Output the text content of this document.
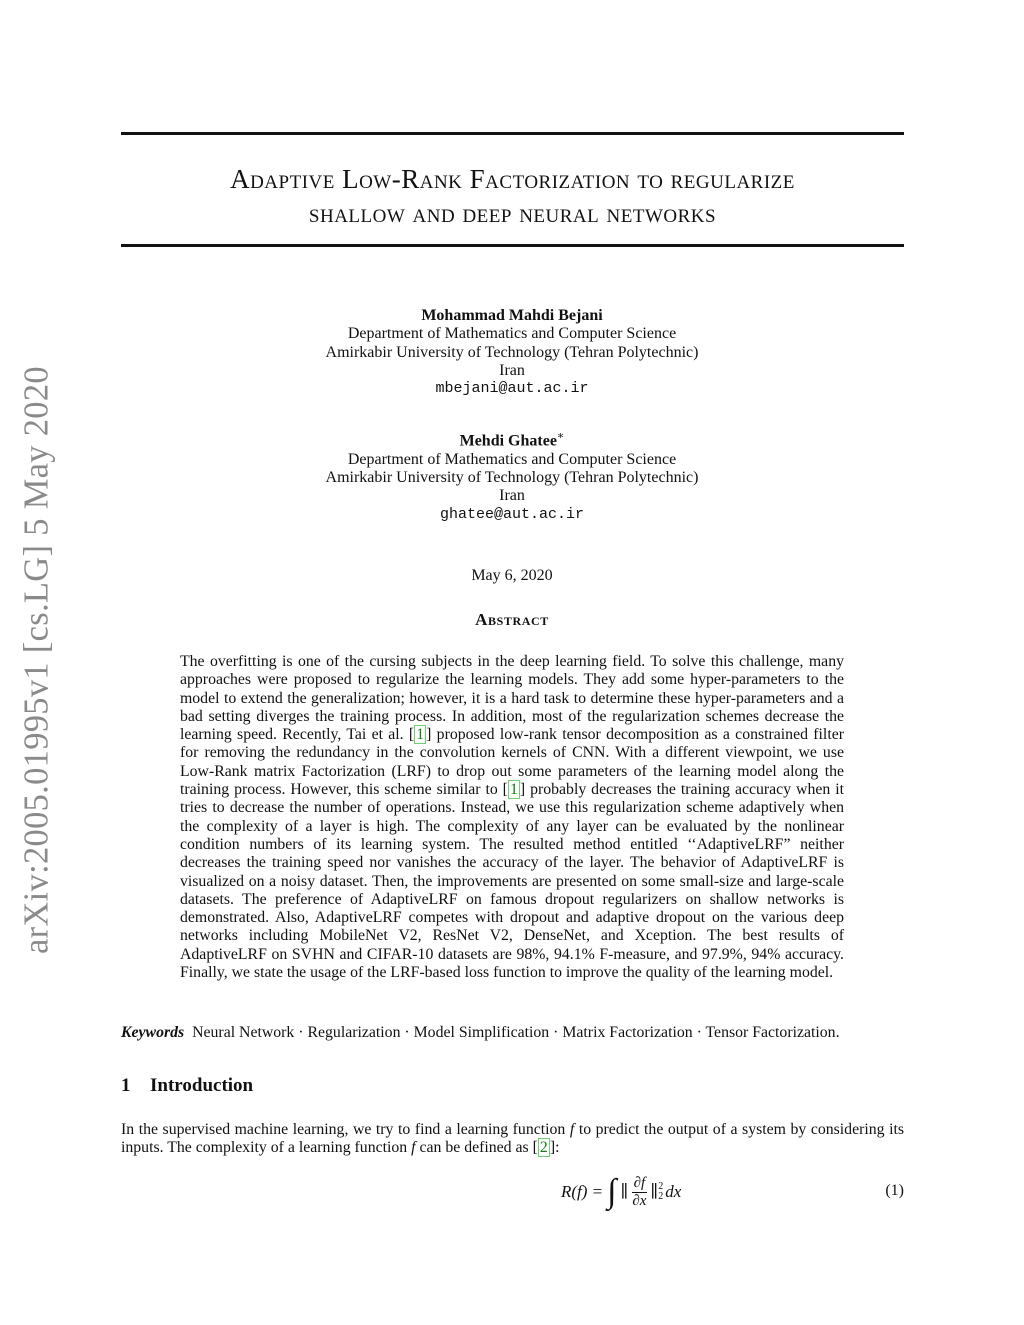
arXiv:2005.01995v1 [cs.LG] 5 May 2020
Adaptive Low-Rank Factorization to regularize
shallow and deep neural networks
Mohammad Mahdi Bejani
Department of Mathematics and Computer Science
Amirkabir University of Technology (Tehran Polytechnic)
Iran
mbejani@aut.ac.ir
Mehdi Ghatee∗
Department of Mathematics and Computer Science
Amirkabir University of Technology (Tehran Polytechnic)
Iran
ghatee@aut.ac.ir
May 6, 2020
Abstract
The overfitting is one of the cursing subjects in the deep learning field. To solve this challenge, many approaches were proposed to regularize the learning models. They add some hyper-parameters to the model to extend the generalization; however, it is a hard task to determine these hyper-parameters and a bad setting diverges the training process. In addition, most of the regularization schemes decrease the learning speed. Recently, Tai et al. [ 1 ] proposed low-rank tensor decomposition as a constrained filter for removing the redundancy in the convolution kernels of CNN. With a different viewpoint, we use Low-Rank matrix Factorization (LRF) to drop out some parameters of the learning model along the training process. However, this scheme similar to [ 1 ] probably decreases the training accuracy when it tries to decrease the number of operations. Instead, we use this regularization scheme adaptively when the complexity of a layer is high. The complexity of any layer can be evaluated by the nonlinear condition numbers of its learning system. The resulted method entitled ‘‘AdaptiveLRF” neither decreases the training speed nor vanishes the accuracy of the layer. The behavior of AdaptiveLRF is visualized on a noisy dataset. Then, the improvements are presented on some small-size and large-scale datasets. The preference of AdaptiveLRF on famous dropout regularizers on shallow networks is demonstrated. Also, AdaptiveLRF competes with dropout and adaptive dropout on the various deep networks including MobileNet V2, ResNet V2, DenseNet, and Xception. The best results of AdaptiveLRF on SVHN and CIFAR-10 datasets are 98%, 94.1% F-measure, and 97.9%, 94% accuracy. Finally, we state the usage of the LRF-based loss function to improve the quality of the learning model.
Keywords Neural Network · Regularization · Model Simplification · Matrix Factorization · Tensor Factorization.
1 Introduction
In the supervised machine learning, we try to find a learning function f to predict the output of a system by considering its inputs. The complexity of a learning function f can be defined as [ 2 ]:
R(f) = ∫ ∥ $\frac{\partial f}{\partial x}$ ∥ 2
2 dx	(1)
